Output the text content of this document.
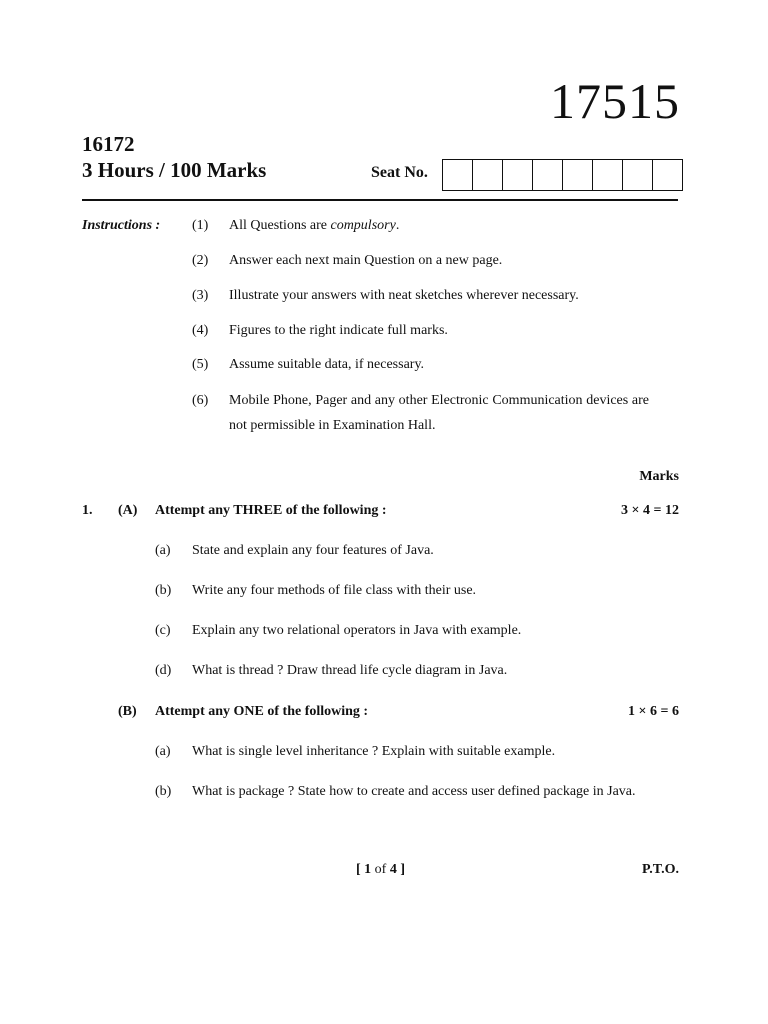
17515
16172
3 Hours / 100 Marks	Seat No.
Instructions : (1) All Questions are compulsory.
(2) Answer each next main Question on a new page.
(3) Illustrate your answers with neat sketches wherever necessary.
(4) Figures to the right indicate full marks.
(5) Assume suitable data, if necessary.
(6) Mobile Phone, Pager and any other Electronic Communication devices are not permissible in Examination Hall.
Marks
1. (A) Attempt any THREE of the following :	3 × 4 = 12
(a) State and explain any four features of Java.
(b) Write any four methods of file class with their use.
(c) Explain any two relational operators in Java with example.
(d) What is thread ? Draw thread life cycle diagram in Java.
(B) Attempt any ONE of the following :	1 × 6 = 6
(a) What is single level inheritance ? Explain with suitable example.
(b) What is package ? State how to create and access user defined package in Java.
[ 1 of 4 ]	P.T.O.
